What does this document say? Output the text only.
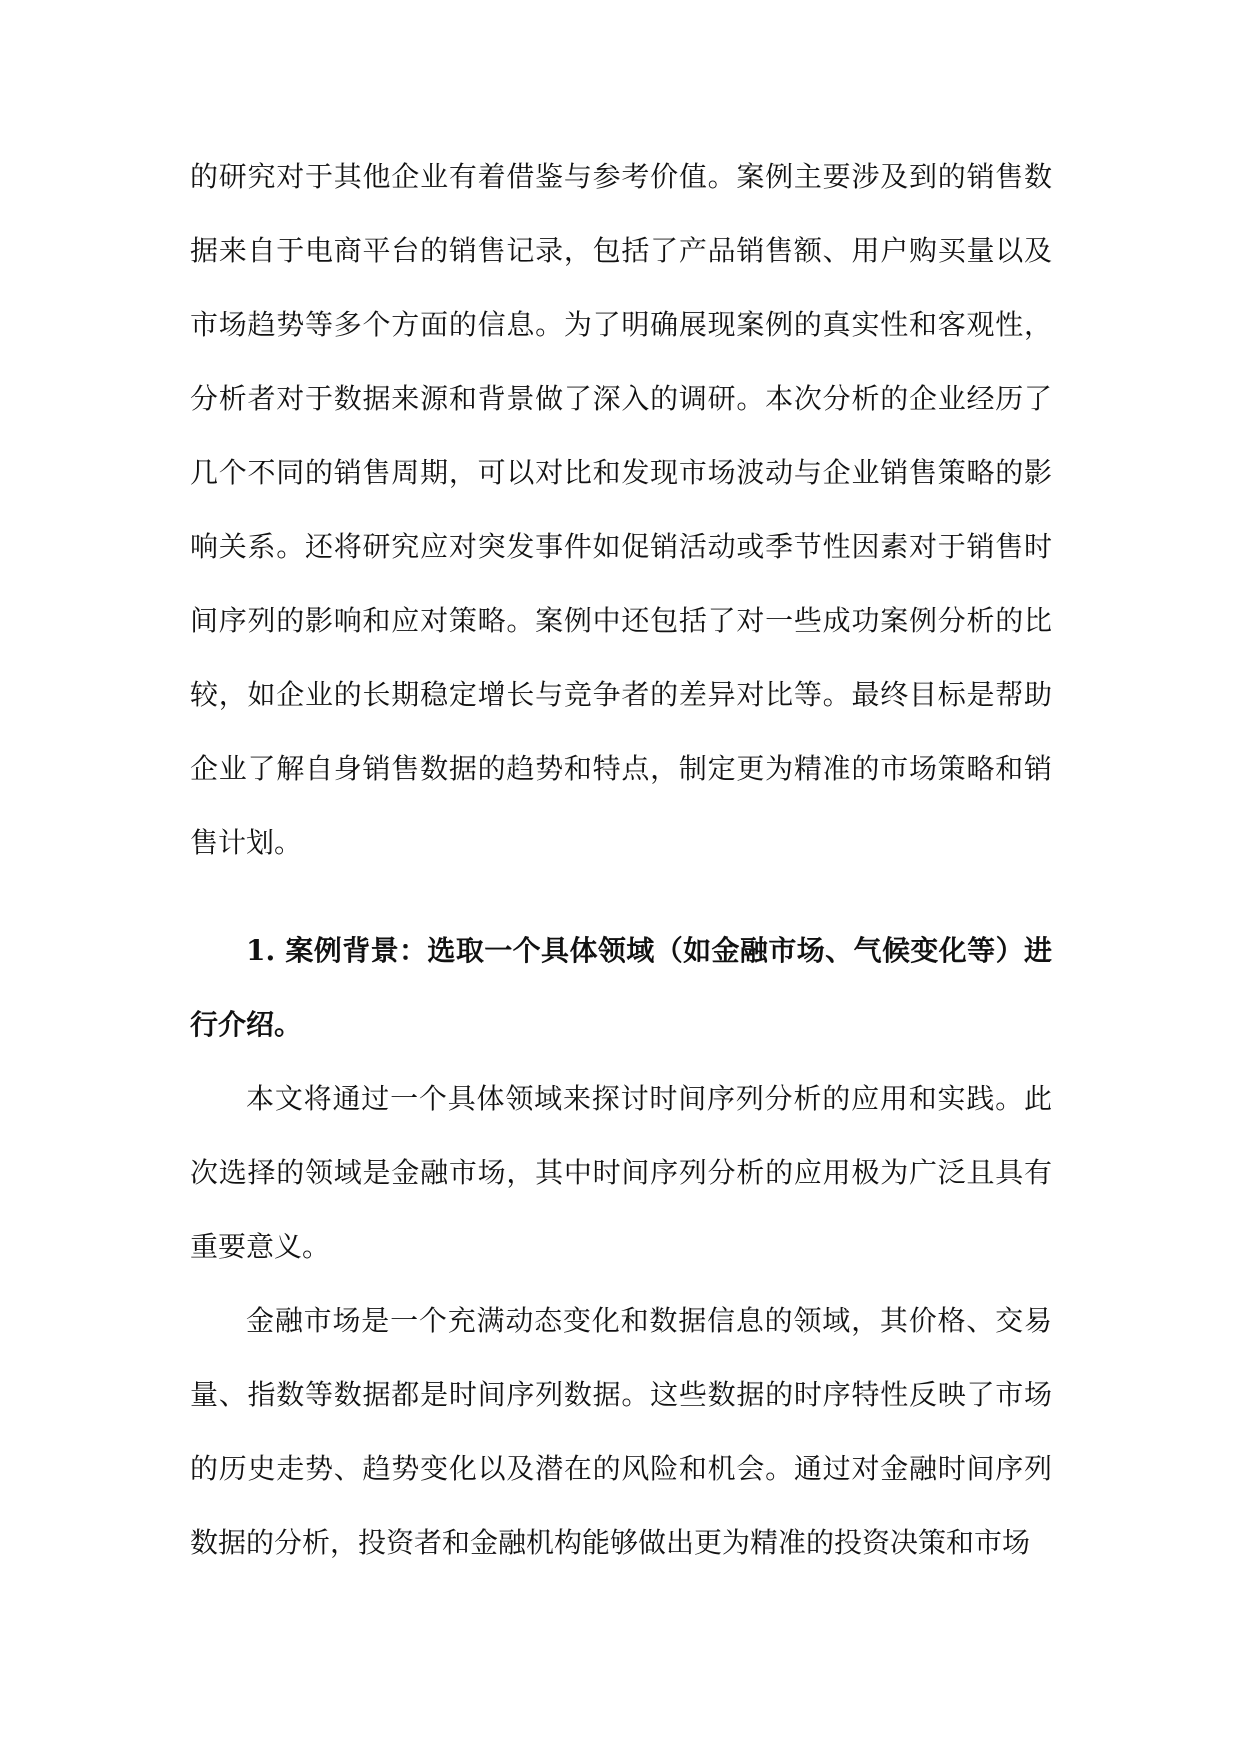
的研究对于其他企业有着借鉴与参考价值。案例主要涉及到的销售数据来自于电商平台的销售记录，包括了产品销售额、用户购买量以及市场趋势等多个方面的信息。为了明确展现案例的真实性和客观性，分析者对于数据来源和背景做了深入的调研。本次分析的企业经历了几个不同的销售周期，可以对比和发现市场波动与企业销售策略的影响关系。还将研究应对突发事件如促销活动或季节性因素对于销售时间序列的影响和应对策略。案例中还包括了对一些成功案例分析的比较，如企业的长期稳定增长与竞争者的差异对比等。最终目标是帮助企业了解自身销售数据的趋势和特点，制定更为精准的市场策略和销售计划。

1. 案例背景：选取一个具体领域（如金融市场、气候变化等）进行介绍。

本文将通过一个具体领域来探讨时间序列分析的应用和实践。此次选择的领域是金融市场，其中时间序列分析的应用极为广泛且具有重要意义。

金融市场是一个充满动态变化和数据信息的领域，其价格、交易量、指数等数据都是时间序列数据。这些数据的时序特性反映了市场的历史走势、趋势变化以及潜在的风险和机会。通过对金融时间序列数据的分析，投资者和金融机构能够做出更为精准的投资决策和市场
